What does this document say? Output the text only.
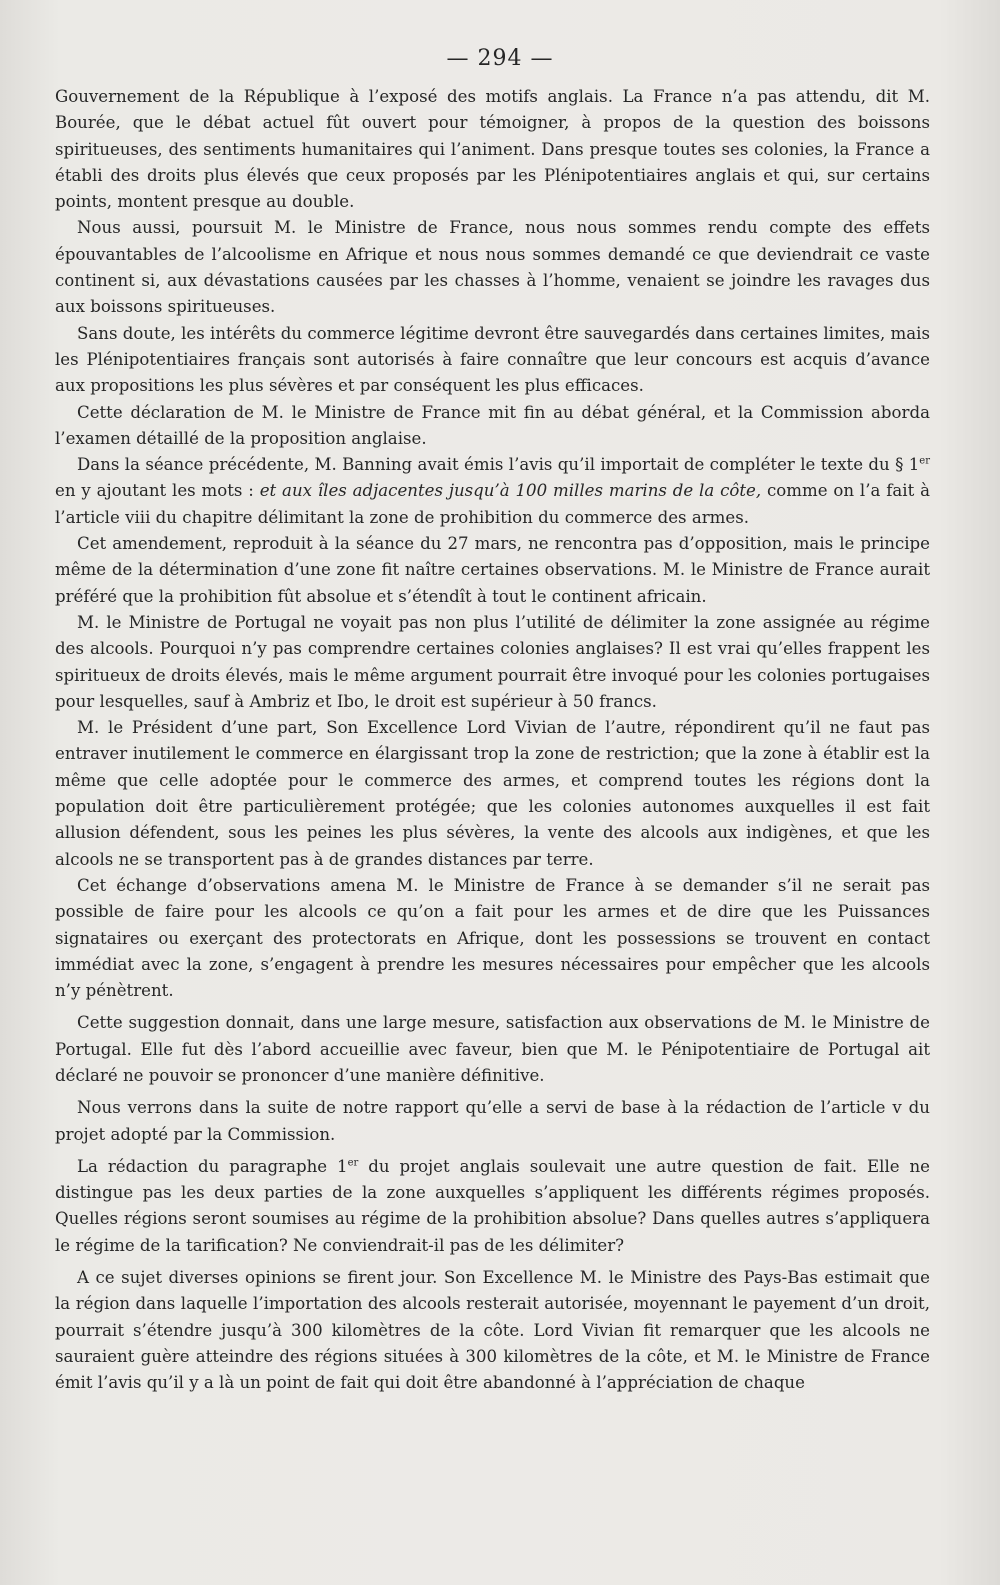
— 294 —

Gouvernement de la République à l’exposé des motifs anglais. La France n’a pas attendu, dit M. Bourée, que le débat actuel fût ouvert pour témoigner, à propos de la question des boissons spiritueuses, des sentiments humanitaires qui l’animent. Dans presque toutes ses colonies, la France a établi des droits plus élevés que ceux proposés par les Plénipotentiaires anglais et qui, sur certains points, montent presque au double.

Nous aussi, poursuit M. le Ministre de France, nous nous sommes rendu compte des effets épouvantables de l’alcoolisme en Afrique et nous nous sommes demandé ce que deviendrait ce vaste continent si, aux dévastations causées par les chasses à l’homme, venaient se joindre les ravages dus aux boissons spiritueuses.

Sans doute, les intérêts du commerce légitime devront être sauvegardés dans certaines limites, mais les Plénipotentiaires français sont autorisés à faire connaître que leur concours est acquis d’avance aux propositions les plus sévères et par conséquent les plus efficaces.

Cette déclaration de M. le Ministre de France mit fin au débat général, et la Commission aborda l’examen détaillé de la proposition anglaise.

Dans la séance précédente, M. Banning avait émis l’avis qu’il importait de compléter le texte du § 1er en y ajoutant les mots : et aux îles adjacentes jusqu’à 100 milles marins de la côte, comme on l’a fait à l’article viii du chapitre délimitant la zone de prohibition du commerce des armes.

Cet amendement, reproduit à la séance du 27 mars, ne rencontra pas d’opposition, mais le principe même de la détermination d’une zone fit naître certaines observations. M. le Ministre de France aurait préféré que la prohibition fût absolue et s’étendît à tout le continent africain.

M. le Ministre de Portugal ne voyait pas non plus l’utilité de délimiter la zone assignée au régime des alcools. Pourquoi n’y pas comprendre certaines colonies anglaises? Il est vrai qu’elles frappent les spiritueux de droits élevés, mais le même argument pourrait être invoqué pour les colonies portugaises pour lesquelles, sauf à Ambriz et Ibo, le droit est supérieur à 50 francs.

M. le Président d’une part, Son Excellence Lord Vivian de l’autre, répondirent qu’il ne faut pas entraver inutilement le commerce en élargissant trop la zone de restriction; que la zone à établir est la même que celle adoptée pour le commerce des armes, et comprend toutes les régions dont la population doit être particulièrement protégée; que les colonies autonomes auxquelles il est fait allusion défendent, sous les peines les plus sévères, la vente des alcools aux indigènes, et que les alcools ne se transportent pas à de grandes distances par terre.

Cet échange d’observations amena M. le Ministre de France à se demander s’il ne serait pas possible de faire pour les alcools ce qu’on a fait pour les armes et de dire que les Puissances signataires ou exerçant des protectorats en Afrique, dont les possessions se trouvent en contact immédiat avec la zone, s’engagent à prendre les mesures nécessaires pour empêcher que les alcools n’y pénètrent.

Cette suggestion donnait, dans une large mesure, satisfaction aux observations de M. le Ministre de Portugal. Elle fut dès l’abord accueillie avec faveur, bien que M. le Pénipotentiaire de Portugal ait déclaré ne pouvoir se prononcer d’une manière définitive.

Nous verrons dans la suite de notre rapport qu’elle a servi de base à la rédaction de l’article v du projet adopté par la Commission.

La rédaction du paragraphe 1er du projet anglais soulevait une autre question de fait. Elle ne distingue pas les deux parties de la zone auxquelles s’appliquent les différents régimes proposés. Quelles régions seront soumises au régime de la prohibition absolue? Dans quelles autres s’appliquera le régime de la tarification? Ne conviendrait-il pas de les délimiter?

A ce sujet diverses opinions se firent jour. Son Excellence M. le Ministre des Pays-Bas estimait que la région dans laquelle l’importation des alcools resterait autorisée, moyennant le payement d’un droit, pourrait s’étendre jusqu’à 300 kilomètres de la côte. Lord Vivian fit remarquer que les alcools ne sauraient guère atteindre des régions situées à 300 kilomètres de la côte, et M. le Ministre de France émit l’avis qu’il y a là un point de fait qui doit être abandonné à l’appréciation de chaque
